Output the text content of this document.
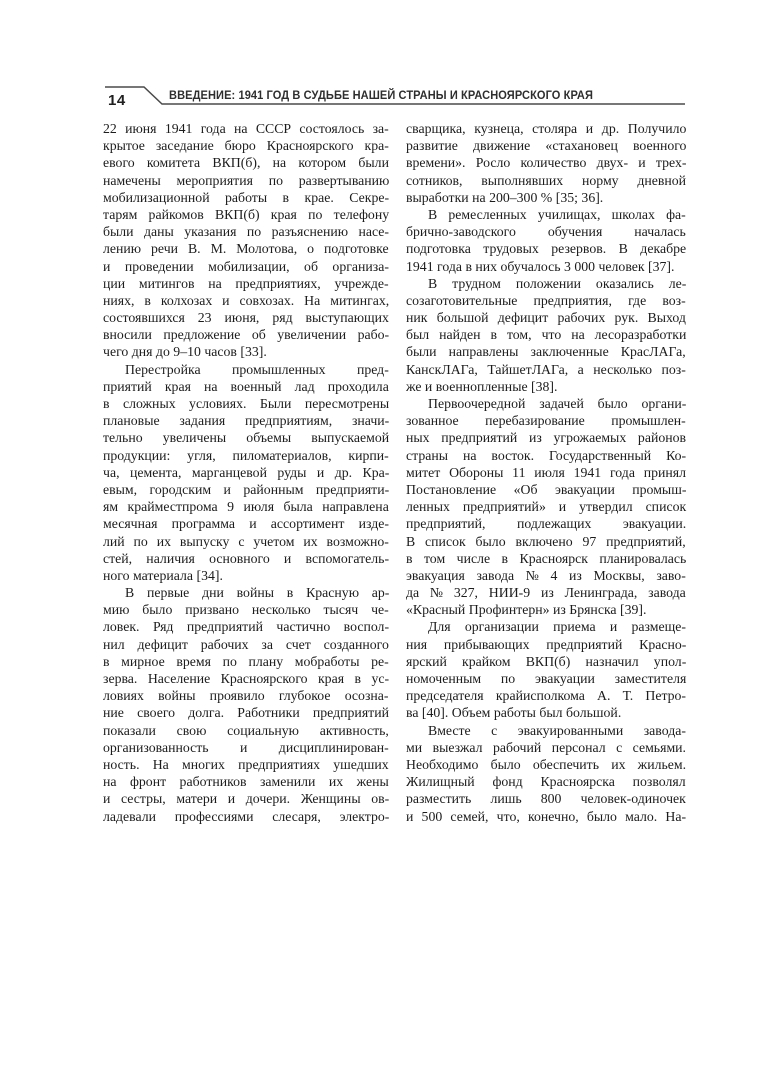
14	ВВЕДЕНИЕ: 1941 ГОД В СУДЬБЕ НАШЕЙ СТРАНЫ И КРАСНОЯРСКОГО КРАЯ
22 июня 1941 года на СССР состоялось за-
крытое заседание бюро Красноярского кра-
евого комитета ВКП(б), на котором были
намечены мероприятия по развертыванию
мобилизационной работы в крае. Секре-
тарям райкомов ВКП(б) края по телефону
были даны указания по разъяснению насе-
лению речи В. М. Молотова, о подготовке
и проведении мобилизации, об организа-
ции митингов на предприятиях, учрежде-
ниях, в колхозах и совхозах. На митингах,
состоявшихся 23 июня, ряд выступающих
вносили предложение об увеличении рабо-
чего дня до 9–10 часов [33].
Перестройка промышленных пред-
приятий края на военный лад проходила
в сложных условиях. Были пересмотрены
плановые задания предприятиям, значи-
тельно увеличены объемы выпускаемой
продукции: угля, пиломатериалов, кирпи-
ча, цемента, марганцевой руды и др. Кра-
евым, городским и районным предприяти-
ям крайместпрома 9 июля была направлена
месячная программа и ассортимент изде-
лий по их выпуску с учетом их возможно-
стей, наличия основного и вспомогатель-
ного материала [34].
В первые дни войны в Красную ар-
мию было призвано несколько тысяч че-
ловек. Ряд предприятий частично воспол-
нил дефицит рабочих за счет созданного
в мирное время по плану мобработы ре-
зерва. Население Красноярского края в ус-
ловиях войны проявило глубокое осозна-
ние своего долга. Работники предприятий
показали свою социальную активность,
организованность и дисциплинирован-
ность. На многих предприятиях ушедших
на фронт работников заменили их жены
и сестры, матери и дочери. Женщины ов-
ладевали профессиями слесаря, электро-
сварщика, кузнеца, столяра и др. Получило
развитие движение «стахановец военного
времени». Росло количество двух- и трех-
сотников, выполнявших норму дневной
выработки на 200–300 % [35; 36].
В ремесленных училищах, школах фа-
брично-заводского обучения началась
подготовка трудовых резервов. В декабре
1941 года в них обучалось 3 000 человек [37].
В трудном положении оказались ле-
созаготовительные предприятия, где воз-
ник большой дефицит рабочих рук. Выход
был найден в том, что на лесоразработки
были направлены заключенные КрасЛАГа,
КанскЛАГа, ТайшетЛАГа, а несколько поз-
же и военнопленные [38].
Первоочередной задачей было органи-
зованное перебазирование промышлен-
ных предприятий из угрожаемых районов
страны на восток. Государственный Ко-
митет Обороны 11 июля 1941 года принял
Постановление «Об эвакуации промыш-
ленных предприятий» и утвердил список
предприятий, подлежащих эвакуации.
В список было включено 97 предприятий,
в том числе в Красноярск планировалась
эвакуация завода № 4 из Москвы, заво-
да № 327, НИИ-9 из Ленинграда, завода
«Красный Профинтерн» из Брянска [39].
Для организации приема и размеще-
ния прибывающих предприятий Красно-
ярский крайком ВКП(б) назначил упол-
номоченным по эвакуации заместителя
председателя крайисполкома А. Т. Петро-
ва [40]. Объем работы был большой.
Вместе с эвакуированными завода-
ми выезжал рабочий персонал с семьями.
Необходимо было обеспечить их жильем.
Жилищный фонд Красноярска позволял
разместить лишь 800 человек-одиночек
и 500 семей, что, конечно, было мало. На-
